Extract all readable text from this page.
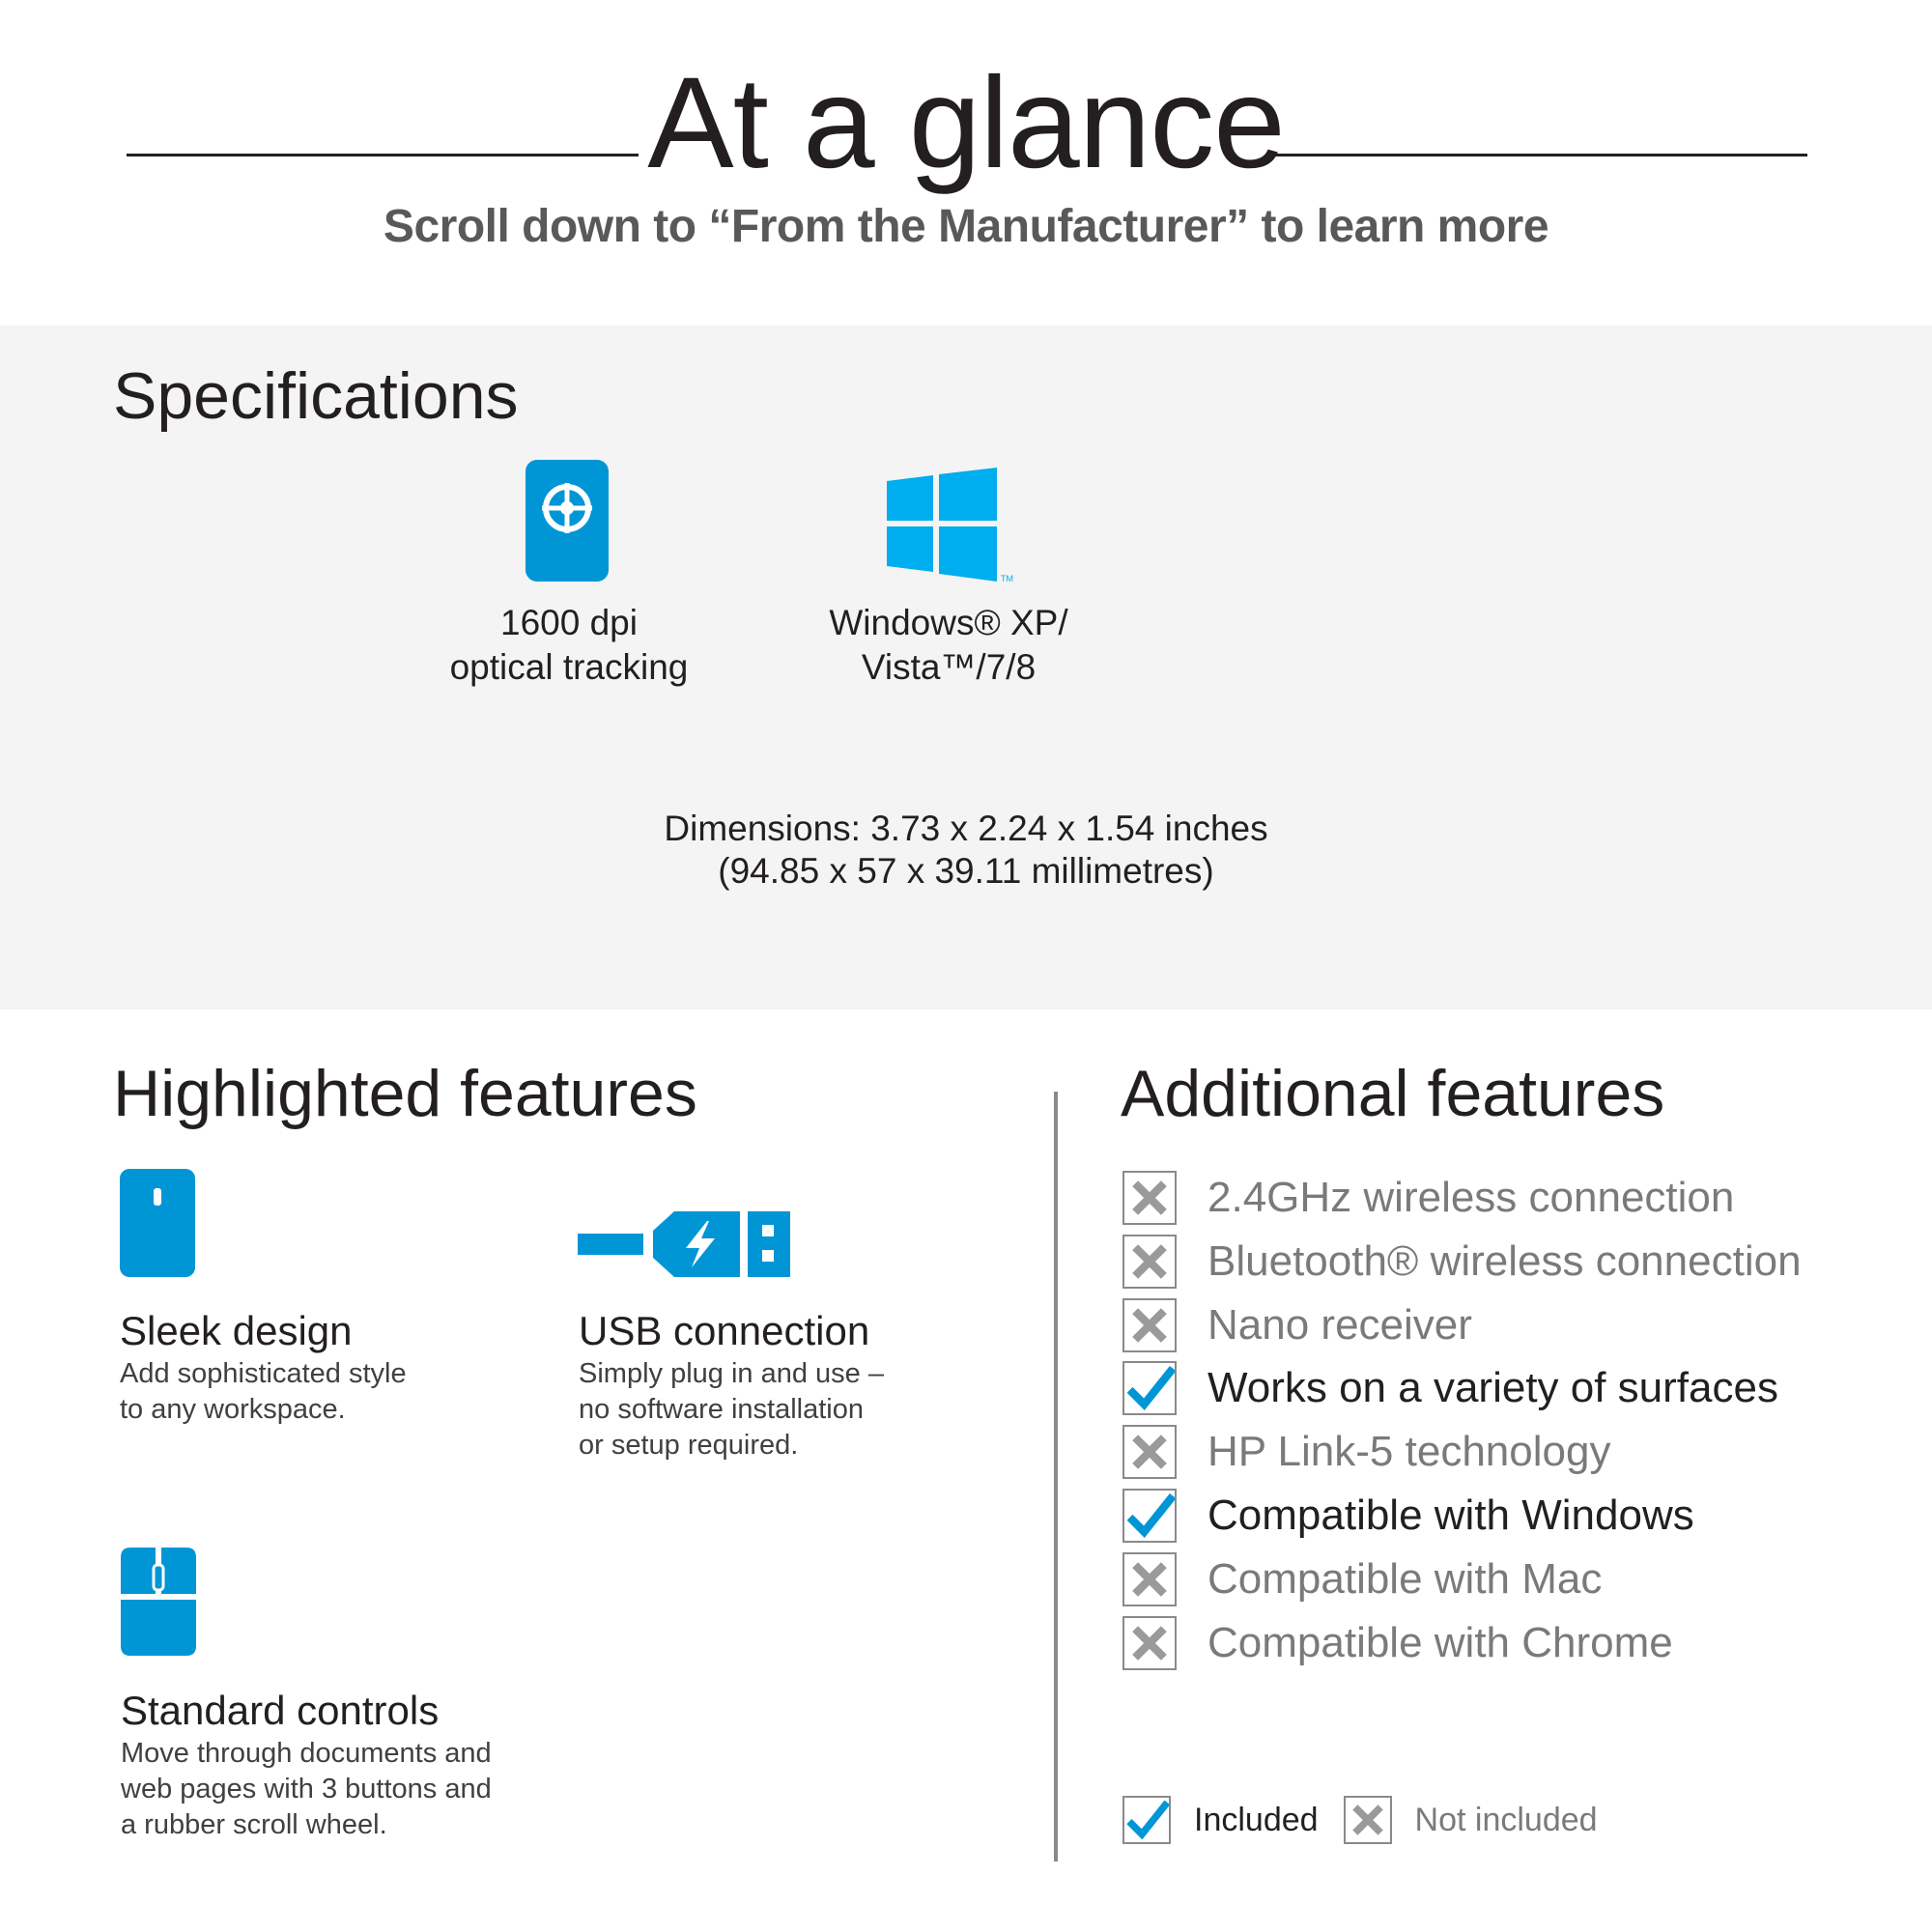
At a glance
Scroll down to “From the Manufacturer” to learn more
Specifications
1600 dpi
optical tracking
TM
Windows® XP/
Vista™/7/8
Dimensions: 3.73 x 2.24 x 1.54 inches
(94.85 x 57 x 39.11 millimetres)
Highlighted features
Sleek design
Add sophisticated style
to any workspace.
USB connection
Simply plug in and use –
no software installation
or setup required.
Standard controls
Move through documents and
web pages with 3 buttons and
a rubber scroll wheel.
Additional features
2.4GHz wireless connection
Bluetooth® wireless connection
Nano receiver
Works on a variety of surfaces
HP Link-5 technology
Compatible with Windows
Compatible with Mac
Compatible with Chrome
Included	Not included
